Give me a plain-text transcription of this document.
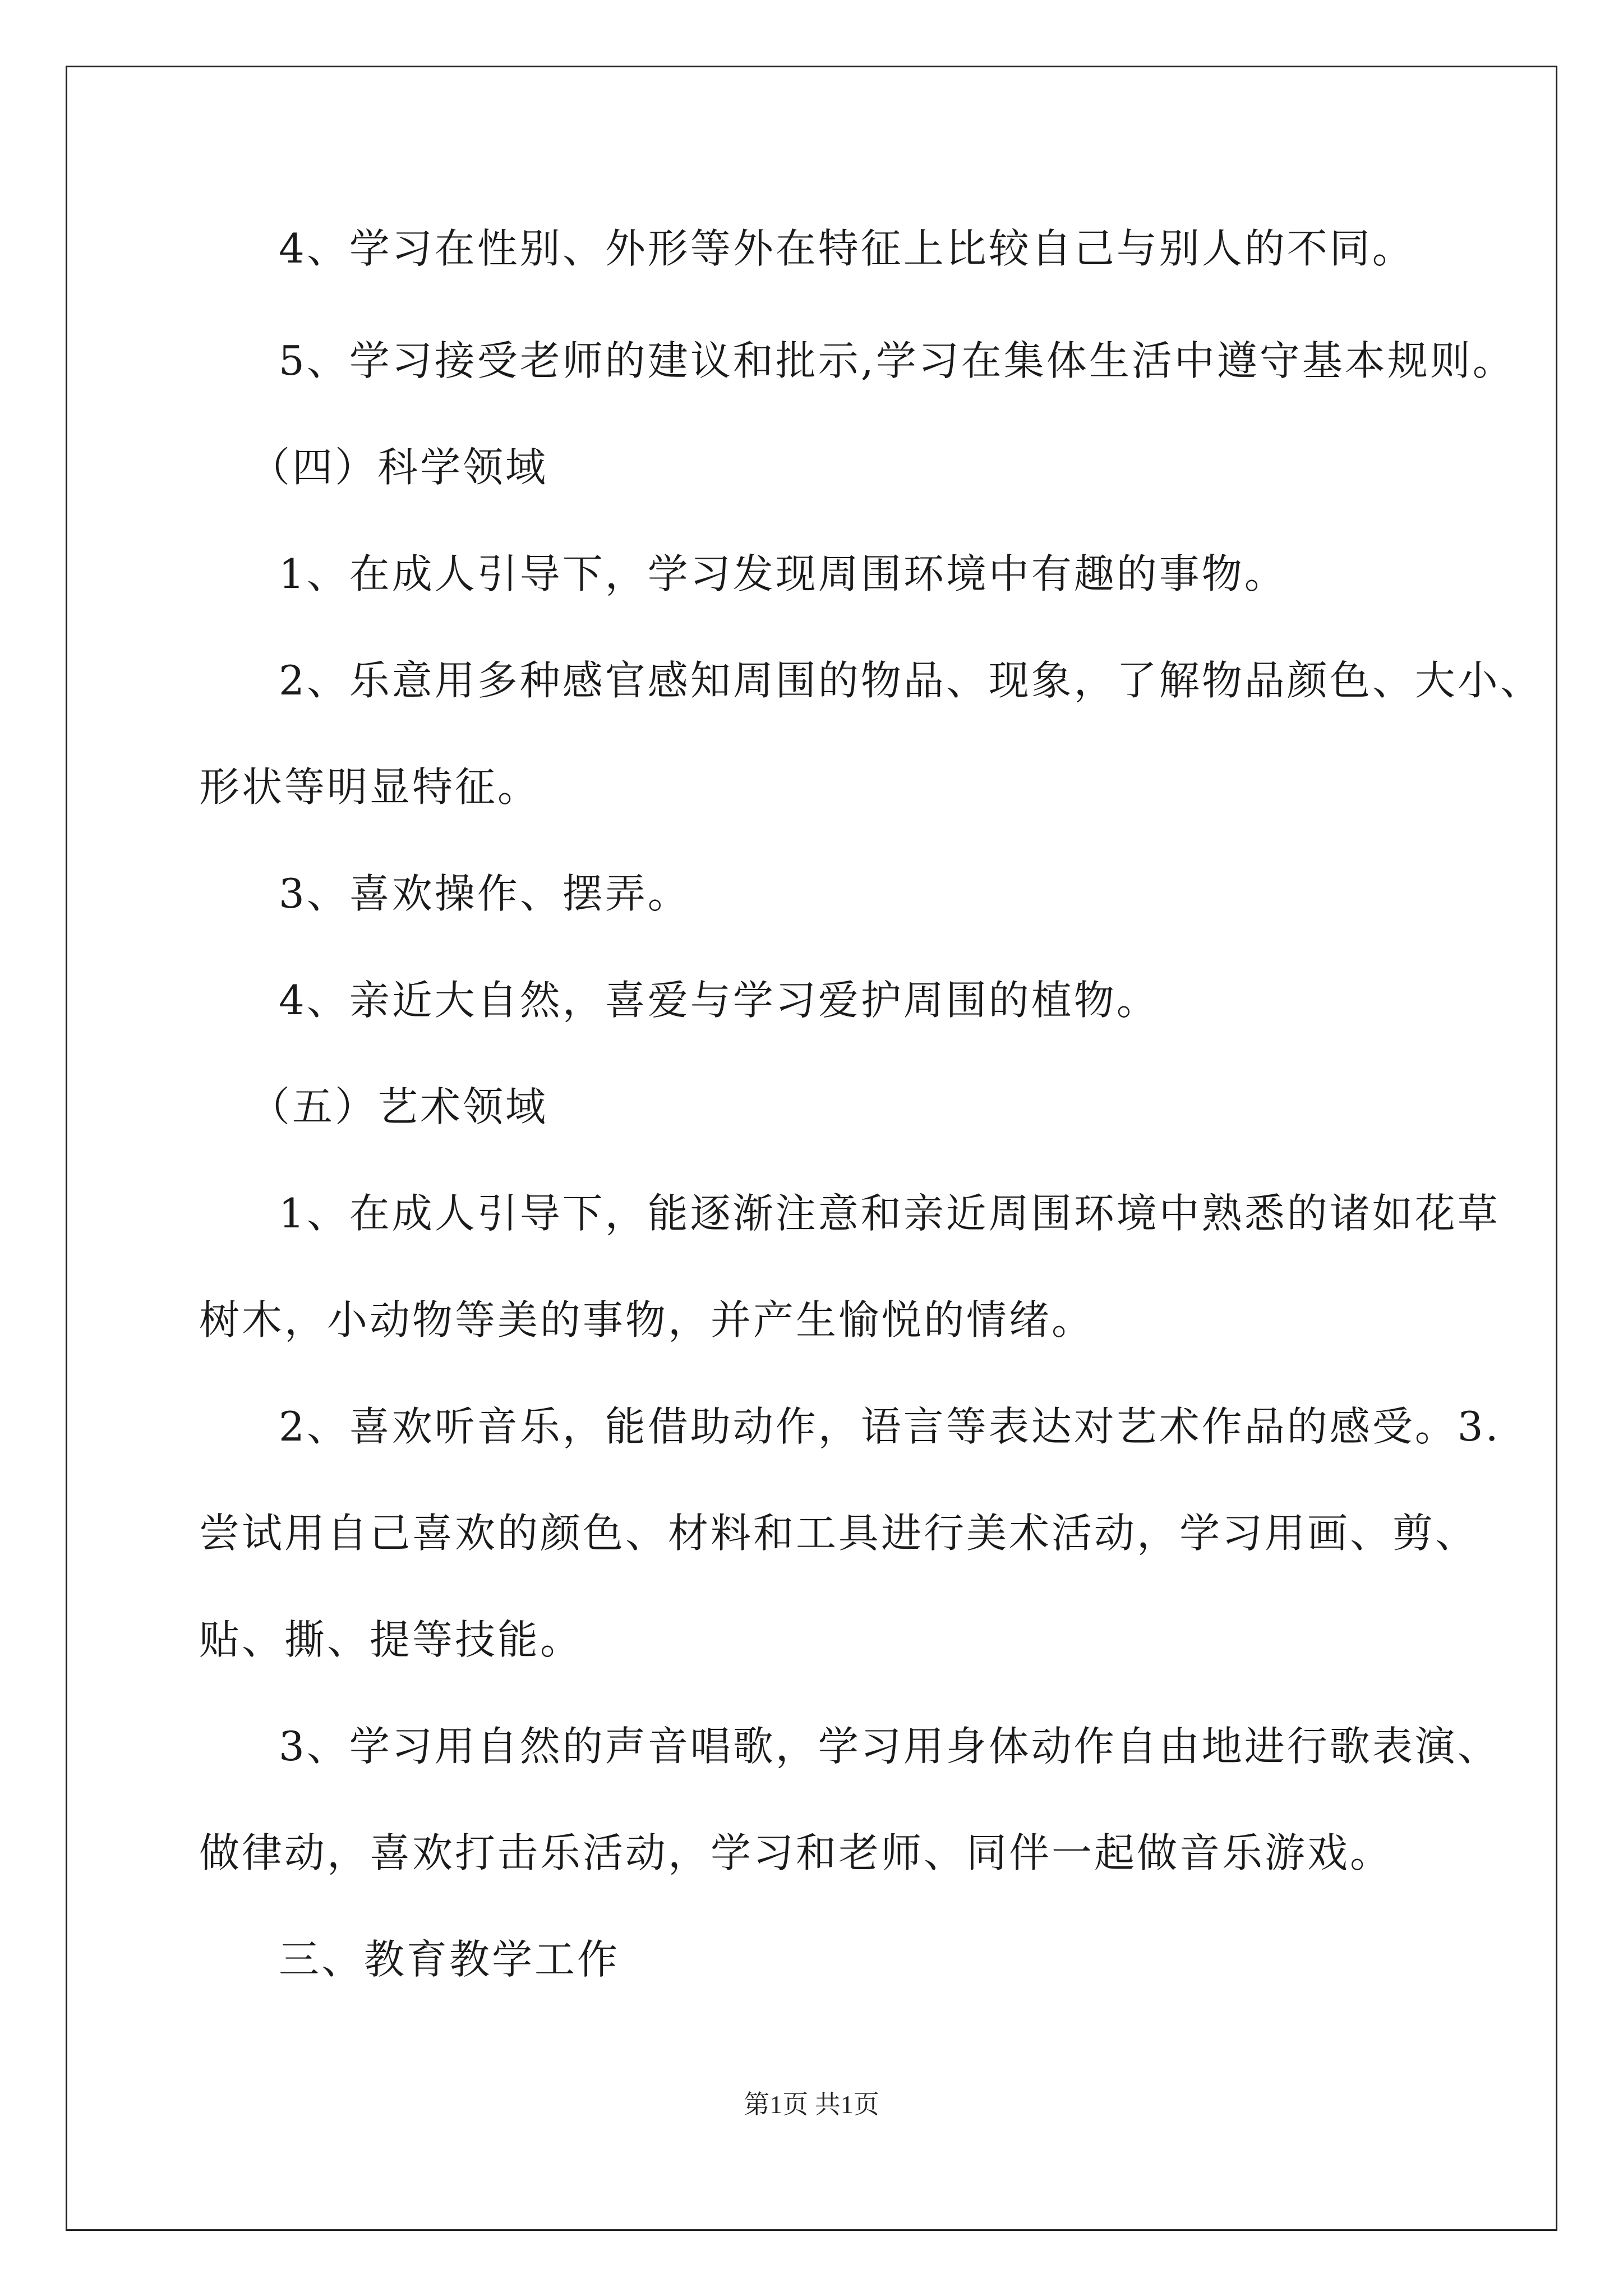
4、学习在性别、外形等外在特征上比较自己与别人的不同。
5、学习接受老师的建议和批示,学习在集体生活中遵守基本规则。
（四）科学领域
1、在成人引导下，学习发现周围环境中有趣的事物。
2、乐意用多种感官感知周围的物品、现象，了解物品颜色、大小、
形状等明显特征。
3、喜欢操作、摆弄。
4、亲近大自然，喜爱与学习爱护周围的植物。
（五）艺术领域
1、在成人引导下，能逐渐注意和亲近周围环境中熟悉的诸如花草
树木，小动物等美的事物，并产生愉悦的情绪。
2、喜欢听音乐，能借助动作，语言等表达对艺术作品的感受。3.
尝试用自己喜欢的颜色、材料和工具进行美术活动，学习用画、剪、
贴、撕、提等技能。
3、学习用自然的声音唱歌，学习用身体动作自由地进行歌表演、
做律动，喜欢打击乐活动，学习和老师、同伴一起做音乐游戏。
三、教育教学工作
第1页 共1页
